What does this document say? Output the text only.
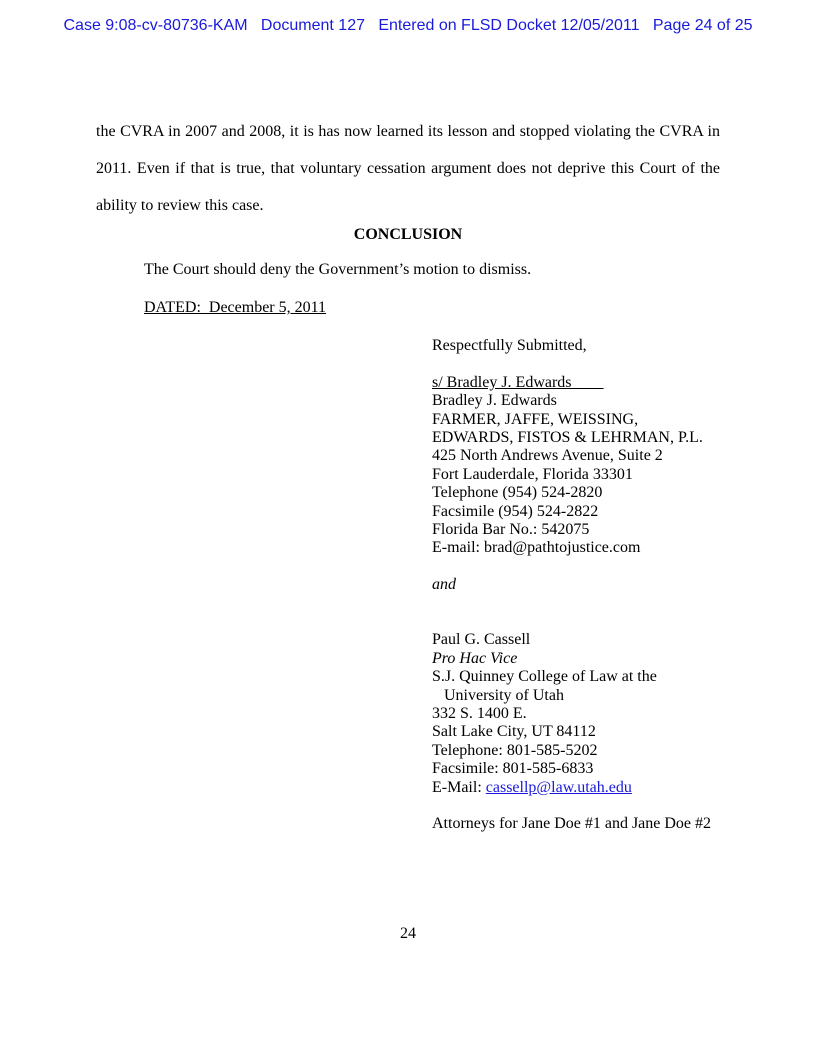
Case 9:08-cv-80736-KAM Document 127 Entered on FLSD Docket 12/05/2011 Page 24 of 25

the CVRA in 2007 and 2008, it is has now learned its lesson and stopped violating the CVRA in 2011. Even if that is true, that voluntary cessation argument does not deprive this Court of the ability to review this case.

CONCLUSION

The Court should deny the Government’s motion to dismiss.

DATED:  December 5, 2011

Respectfully Submitted,

s/ Bradley J. Edwards

Bradley J. Edwards

FARMER, JAFFE, WEISSING,

EDWARDS, FISTOS & LEHRMAN, P.L.

425 North Andrews Avenue, Suite 2

Fort Lauderdale, Florida 33301

Telephone (954) 524-2820

Facsimile (954) 524-2822

Florida Bar No.: 542075

E-mail: brad@pathtojustice.com

and

Paul G. Cassell

Pro Hac Vice

S.J. Quinney College of Law at the

University of Utah

332 S. 1400 E.

Salt Lake City, UT 84112

Telephone: 801-585-5202

Facsimile: 801-585-6833

E-Mail: cassellp@law.utah.edu

Attorneys for Jane Doe #1 and Jane Doe #2

24
